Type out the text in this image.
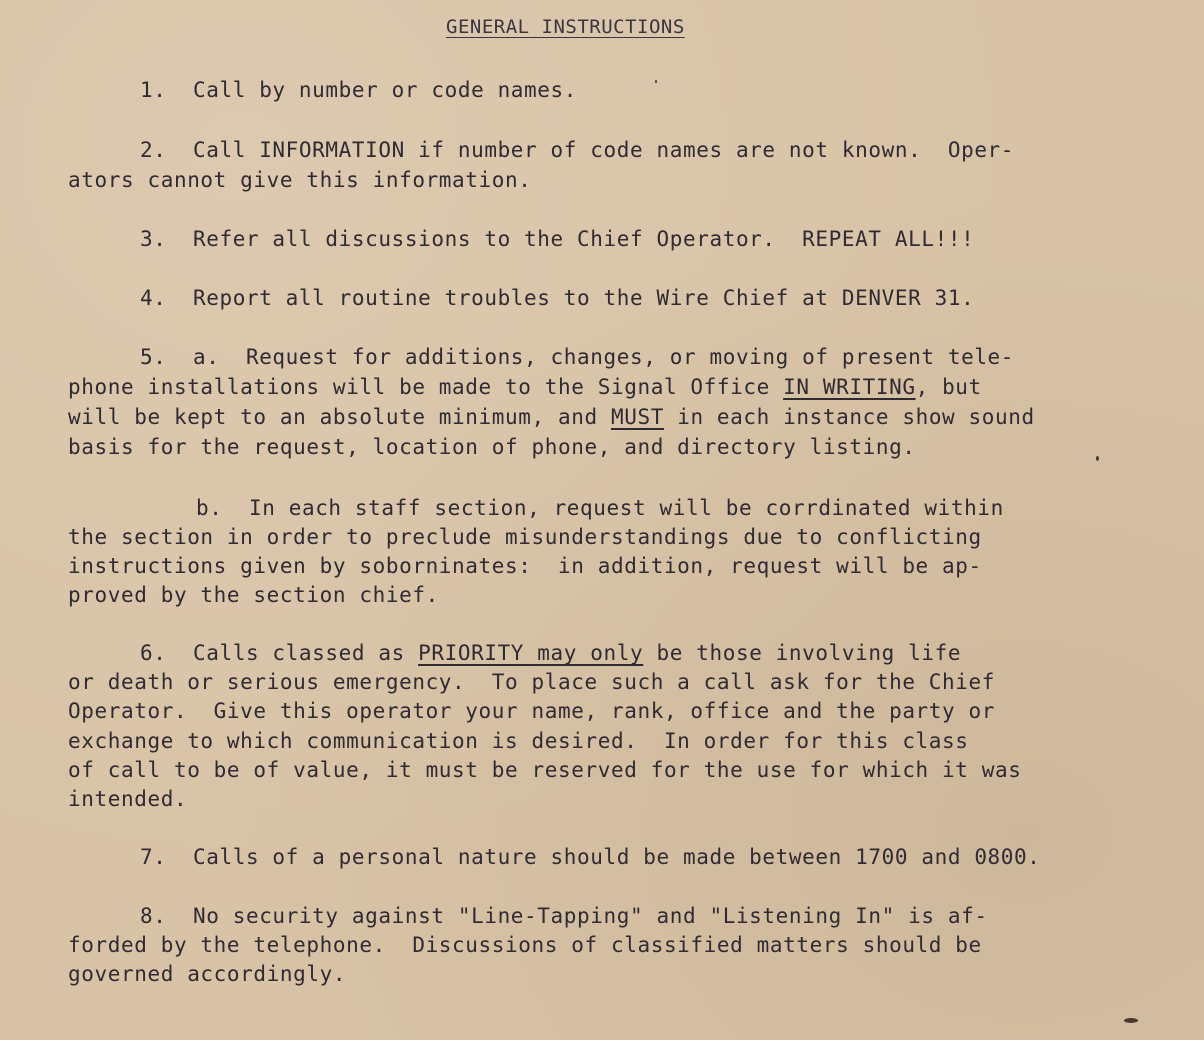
GENERAL INSTRUCTIONS
1.  Call by number or code names.
2.  Call INFORMATION if number of code names are not known.  Oper-
ators cannot give this information.
3.  Refer all discussions to the Chief Operator.  REPEAT ALL!!!
4.  Report all routine troubles to the Wire Chief at DENVER 31.
5.  a.  Request for additions, changes, or moving of present tele-
phone installations will be made to the Signal Office IN WRITING, but
will be kept to an absolute minimum, and MUST in each instance show sound
basis for the request, location of phone, and directory listing.
b.  In each staff section, request will be corrdinated within
the section in order to preclude misunderstandings due to conflicting
instructions given by soborninates:  in addition, request will be ap-
proved by the section chief.
6.  Calls classed as PRIORITY may only be those involving life
or death or serious emergency.  To place such a call ask for the Chief
Operator.  Give this operator your name, rank, office and the party or
exchange to which communication is desired.  In order for this class
of call to be of value, it must be reserved for the use for which it was
intended.
7.  Calls of a personal nature should be made between 1700 and 0800.
8.  No security against "Line-Tapping" and "Listening In" is af-
forded by the telephone.  Discussions of classified matters should be
governed accordingly.
